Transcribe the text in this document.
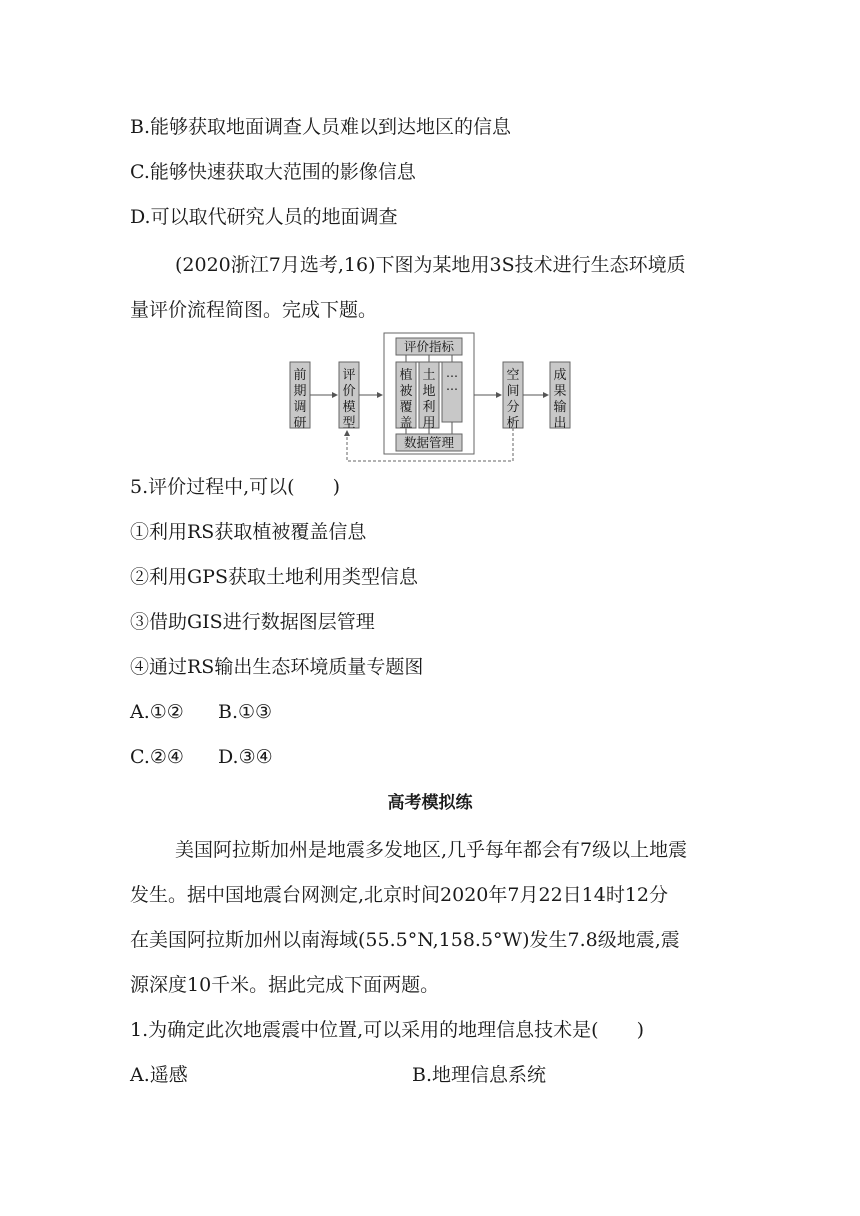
B.能够获取地面调查人员难以到达地区的信息
C.能够快速获取大范围的影像信息
D.可以取代研究人员的地面调查
(2020浙江7月选考,16)下图为某地用3S技术进行生态环境质
量评价流程简图。完成下题。
前
期
调
研
评
价
模
型
评价指标
植
被
覆
盖
土
地
利
用
…
…
数据管理
空
间
分
析
成
果
输
出
5.评价过程中,可以(　　)
①利用RS获取植被覆盖信息
②利用GPS获取土地利用类型信息
③借助GIS进行数据图层管理
④通过RS输出生态环境质量专题图
A.①② B.①③
C.②④ D.③④
高考模拟练
美国阿拉斯加州是地震多发地区,几乎每年都会有7级以上地震
发生。据中国地震台网测定,北京时间2020年7月22日14时12分
在美国阿拉斯加州以南海域(55.5°N,158.5°W)发生7.8级地震,震
源深度10千米。据此完成下面两题。
1.为确定此次地震震中位置,可以采用的地理信息技术是(　　)
A.遥感	B.地理信息系统
